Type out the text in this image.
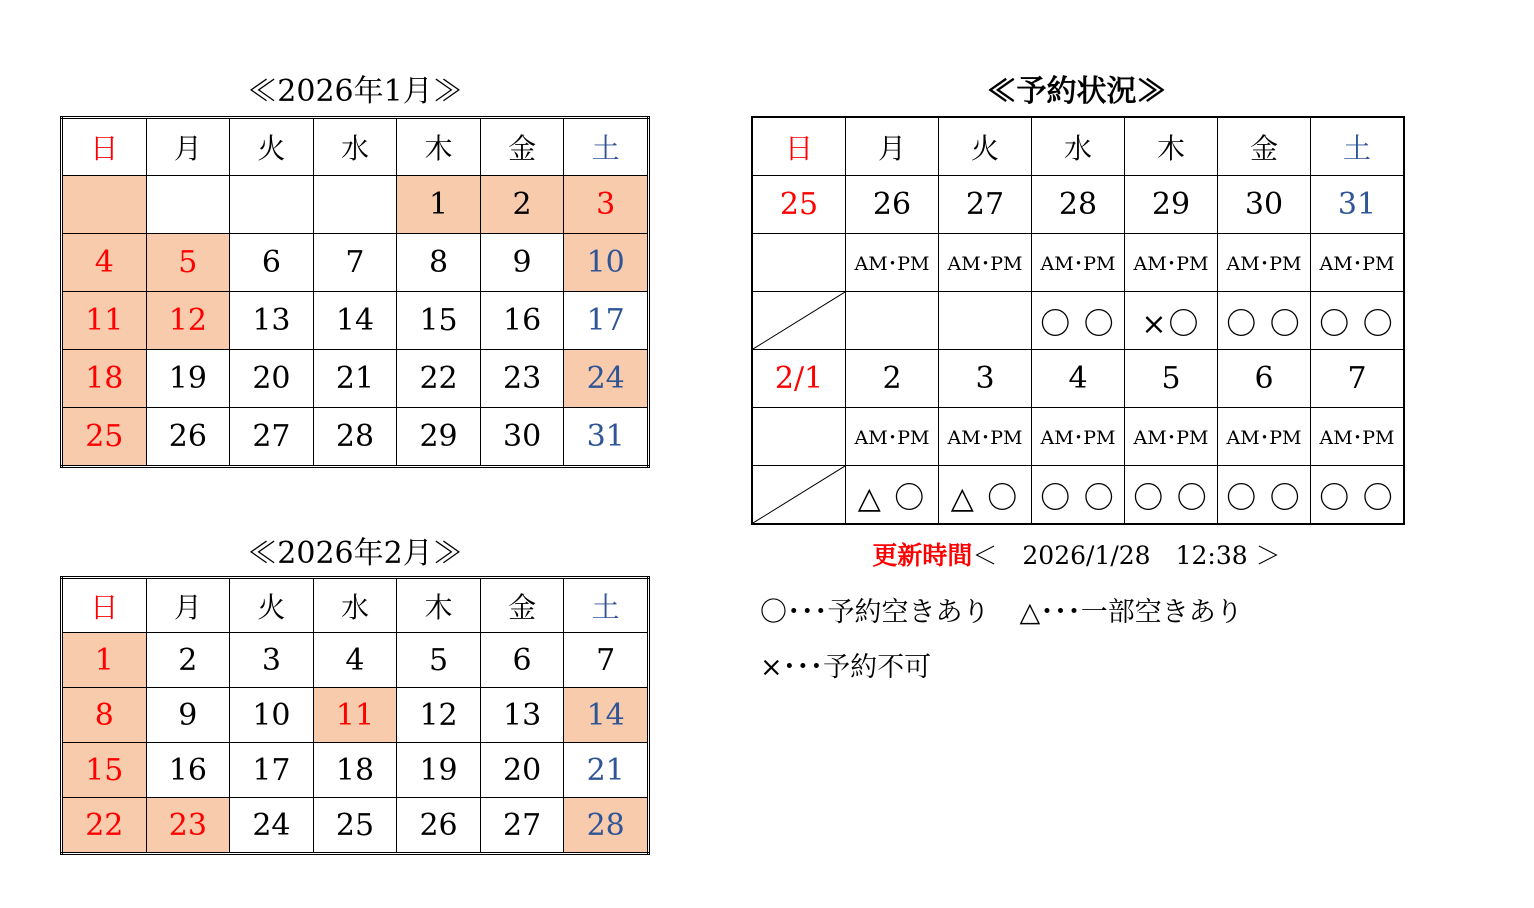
≪2026年1月≫
日	月	火	水	木	金	土
				1	2	3
4	5	6	7	8	9	10
11	12	13	14	15	16	17
18	19	20	21	22	23	24
25	26	27	28	29	30	31
≪2026年2月≫
日	月	火	水	木	金	土
1	2	3	4	5	6	7
8	9	10	11	12	13	14
15	16	17	18	19	20	21
22	23	24	25	26	27	28
≪予約状況≫
日	月	火	水	木	金	土
25	26	27	28	29	30	31
	AM･PM	AM･PM	AM･PM	AM･PM	AM･PM	AM･PM

			〇 〇	×〇	〇 〇	〇 〇
2/1	2	3	4	5	6	7
	AM･PM	AM･PM	AM･PM	AM･PM	AM･PM	AM･PM

	△ 〇	△ 〇	〇 〇	〇 〇	〇 〇	〇 〇
更新時間＜　2026/1/28　12:38 ＞
〇･･･予約空きあり △･･･一部空きあり
×･･･予約不可
